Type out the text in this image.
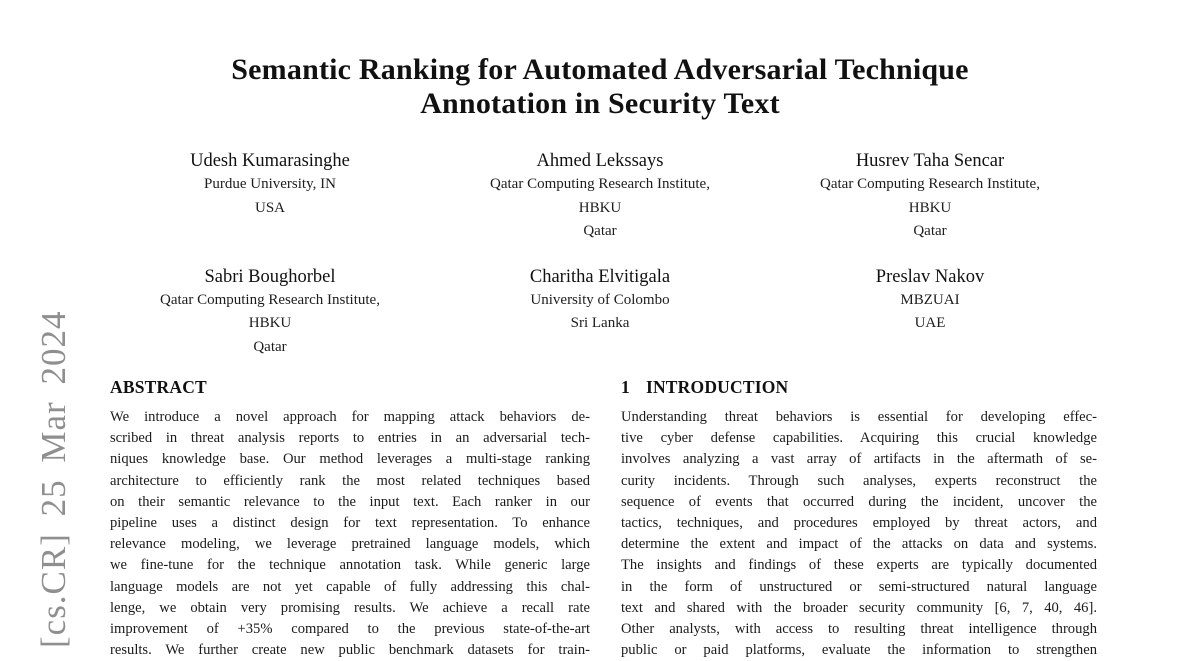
[cs.CR] 25 Mar 2024
Semantic Ranking for Automated Adversarial Technique
Annotation in Security Text
Udesh Kumarasinghe
Purdue University, IN
USA
Ahmed Lekssays
Qatar Computing Research Institute,
HBKU
Qatar
Husrev Taha Sencar
Qatar Computing Research Institute,
HBKU
Qatar
Sabri Boughorbel
Qatar Computing Research Institute,
HBKU
Qatar
Charitha Elvitigala
University of Colombo
Sri Lanka
Preslav Nakov
MBZUAI
UAE
ABSTRACT
We introduce a novel approach for mapping attack behaviors de-
scribed in threat analysis reports to entries in an adversarial tech-
niques knowledge base. Our method leverages a multi-stage ranking
architecture to efficiently rank the most related techniques based
on their semantic relevance to the input text. Each ranker in our
pipeline uses a distinct design for text representation. To enhance
relevance modeling, we leverage pretrained language models, which
we fine-tune for the technique annotation task. While generic large
language models are not yet capable of fully addressing this chal-
lenge, we obtain very promising results. We achieve a recall rate
improvement of +35% compared to the previous state-of-the-art
results. We further create new public benchmark datasets for train-
1 INTRODUCTION
Understanding threat behaviors is essential for developing effec-
tive cyber defense capabilities. Acquiring this crucial knowledge
involves analyzing a vast array of artifacts in the aftermath of se-
curity incidents. Through such analyses, experts reconstruct the
sequence of events that occurred during the incident, uncover the
tactics, techniques, and procedures employed by threat actors, and
determine the extent and impact of the attacks on data and systems.
The insights and findings of these experts are typically documented
in the form of unstructured or semi-structured natural language
text and shared with the broader security community [6, 7, 40, 46].
Other analysts, with access to resulting threat intelligence through
public or paid platforms, evaluate the information to strengthen
